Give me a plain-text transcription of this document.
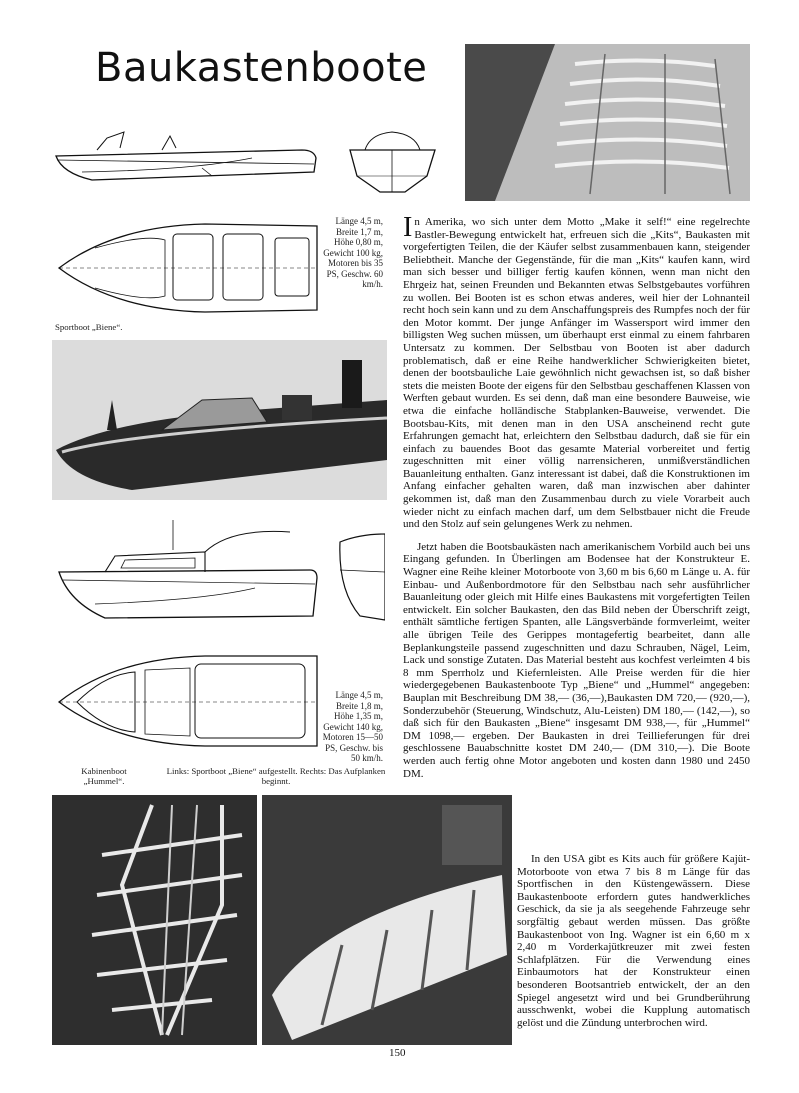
Baukastenboote
Länge 4,5 m, Breite 1,7 m, Höhe 0,80 m, Gewicht 100 kg, Motoren bis 35 PS, Geschw. 60 km/h.
Sportboot „Biene“.
Länge 4,5 m, Breite 1,8 m, Höhe 1,35 m, Gewicht 140 kg, Motoren 15—50 PS, Geschw. bis 50 km/h.
Kabinenboot „Hummel“.
Links: Sportboot „Biene“ aufgestellt. Rechts: Das Aufplanken beginnt.

In Amerika, wo sich unter dem Motto „Make it self!“ eine regelrechte Bastler-Bewegung entwickelt hat, erfreuen sich die „Kits“, Baukasten mit vorgefertigten Teilen, die der Käufer selbst zusammenbauen kann, steigender Beliebtheit. Manche der Gegenstände, für die man „Kits“ kaufen kann, wird man sich besser und billiger fertig kaufen können, wenn man nicht den Ehrgeiz hat, seinen Freunden und Bekannten etwas Selbstgebautes vorführen zu wollen. Bei Booten ist es schon etwas anderes, weil hier der Lohnanteil recht hoch sein kann und zu dem Anschaffungspreis des Rumpfes noch der für den Motor kommt. Der junge Anfänger im Wassersport wird immer den billigsten Weg suchen müssen, um überhaupt erst einmal zu einem fahrbaren Untersatz zu kommen. Der Selbstbau von Booten ist aber dadurch problematisch, daß er eine Reihe handwerklicher Schwierigkeiten bietet, denen der bootsbauliche Laie gewöhnlich nicht gewachsen ist, so daß bisher stets die meisten Boote der eigens für den Selbstbau geschaffenen Klassen von Werften gebaut wurden. Es sei denn, daß man eine besondere Bauweise, wie etwa die einfache holländische Stabplanken-Bauweise, verwendet. Die Bootsbau-Kits, mit denen man in den USA anscheinend recht gute Erfahrungen gemacht hat, erleichtern den Selbstbau dadurch, daß sie für ein einfach zu bauendes Boot das gesamte Material vorbereitet und fertig zugeschnitten mit einer völlig narrensicheren, unmißverständlichen Bauanleitung enthalten. Ganz interessant ist dabei, daß die Konstruktionen im Anfang einfacher gehalten waren, daß man inzwischen aber dahinter gekommen ist, daß man den Zusammenbau durch zu viele Vorarbeit auch wieder nicht zu einfach machen darf, um dem Selbstbauer nicht die Freude und den Stolz auf sein gelungenes Werk zu nehmen.

Jetzt haben die Bootsbaukästen nach amerikanischem Vorbild auch bei uns Eingang gefunden. In Überlingen am Bodensee hat der Konstrukteur E. Wagner eine Reihe kleiner Motorboote von 3,60 m bis 6,60 m Länge u. A. für Einbau- und Außenbordmotore für den Selbstbau nach sehr ausführlicher Bauanleitung oder gleich mit Hilfe eines Baukastens mit vorgefertigten Teilen entwickelt. Ein solcher Baukasten, den das Bild neben der Überschrift zeigt, enthält sämtliche fertigen Spanten, alle Längsverbände formverleimt, weiter alle übrigen Teile des Gerippes montagefertig bearbeitet, dann alle Beplankungsteile passend zugeschnitten und dazu Schrauben, Nägel, Leim, Lack und sonstige Zutaten. Das Material besteht aus kochfest verleimten 4 bis 8 mm Sperrholz und Kiefernleisten. Alle Preise werden für die hier wiedergegebenen Baukastenboote Typ „Biene“ und „Hummel“ angegeben: Bauplan mit Beschreibung DM 38,— (36,—),Baukasten DM 720,— (920,—), Sonderzubehör (Steuerung, Windschutz, Alu-Leisten) DM 180,— (142,—), so daß sich für den Baukasten „Biene“ insgesamt DM 938,—, für „Hummel“ DM 1098,— ergeben. Der Baukasten in drei Teillieferungen für drei geschlossene Bauabschnitte kostet DM 240,— (DM 310,—). Die Boote werden auch fertig ohne Motor angeboten und kosten dann 1980 und 2450 DM.

In den USA gibt es Kits auch für größere Kajüt-Motorboote von etwa 7 bis 8 m Länge für das Sportfischen in den Küstengewässern. Diese Baukastenboote erfordern gutes handwerkliches Geschick, da sie ja als seegehende Fahrzeuge sehr sorgfältig gebaut werden müssen. Das größte Baukastenboot von Ing. Wagner ist ein 6,60 m x 2,40 m Vorderkajütkreuzer mit zwei festen Schlafplätzen. Für die Verwendung eines Einbaumotors hat der Konstrukteur einen besonderen Bootsantrieb entwickelt, der an den Spiegel angesetzt wird und bei Grundberührung ausschwenkt, wobei die Kupplung automatisch gelöst und die Zündung unterbrochen wird.

150
